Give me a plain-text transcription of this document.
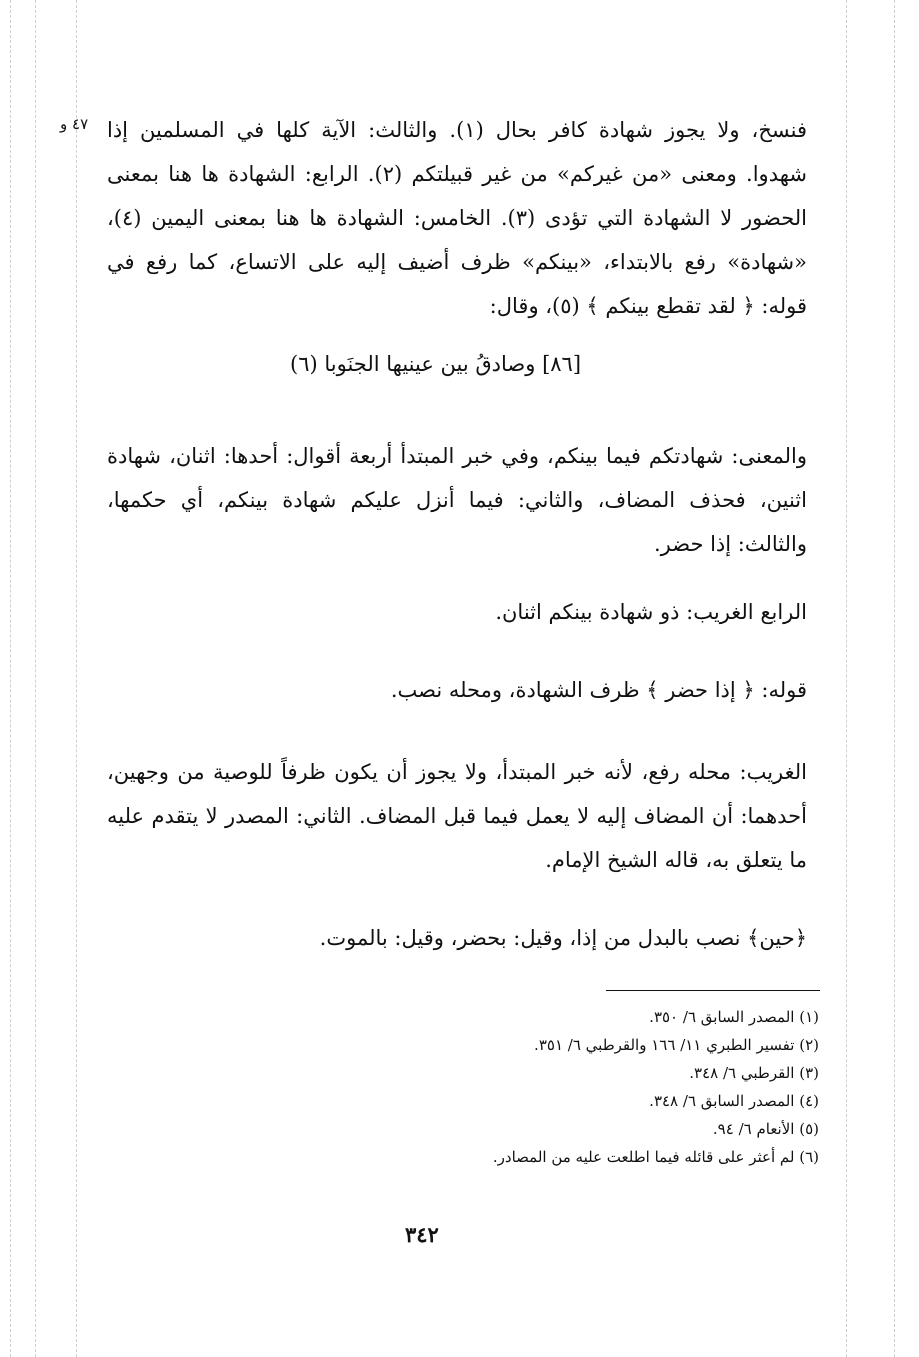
٤٧ و فنسخ، ولا يجوز شهادة كافر بحال (١). والثالث: الآية كلها في المسلمين إذا شهدوا. ومعنى «من غيركم» من غير قبيلتكم (٢). الرابع: الشهادة ها هنا بمعنى الحضور لا الشهادة التي تؤدى (٣). الخامس: الشهادة ها هنا بمعنى اليمين (٤)، «شهادة» رفع بالابتداء، «بينكم» ظرف أضيف إليه على الاتساع، كما رفع في قوله: ﴿ لقد تقطع بينكم ﴾ (٥)، وقال:

[٨٦] وصادقُ بين عينيها الجنَوبا (٦)

والمعنى: شهادتكم فيما بينكم، وفي خبر المبتدأ أربعة أقوال: أحدها: اثنان، شهادة اثنين، فحذف المضاف، والثاني: فيما أنزل عليكم شهادة بينكم، أي حكمها، والثالث: إذا حضر.

الرابع الغريب: ذو شهادة بينكم اثنان.

قوله: ﴿ إذا حضر ﴾ ظرف الشهادة، ومحله نصب.

الغريب: محله رفع، لأنه خبر المبتدأ، ولا يجوز أن يكون ظرفاً للوصية من وجهين، أحدهما: أن المضاف إليه لا يعمل فيما قبل المضاف. الثاني: المصدر لا يتقدم عليه ما يتعلق به، قاله الشيخ الإمام.

﴿حين﴾ نصب بالبدل من إذا، وقيل: بحضر، وقيل: بالموت.

(١) المصدر السابق ٦/ ٣٥٠.

(٢) تفسير الطبري ١١/ ١٦٦ والقرطبي ٦/ ٣٥١.

(٣) القرطبي ٦/ ٣٤٨.

(٤) المصدر السابق ٦/ ٣٤٨.

(٥) الأنعام ٦/ ٩٤.

(٦) لم أعثر على قائله فيما اطلعت عليه من المصادر.

٣٤٢
